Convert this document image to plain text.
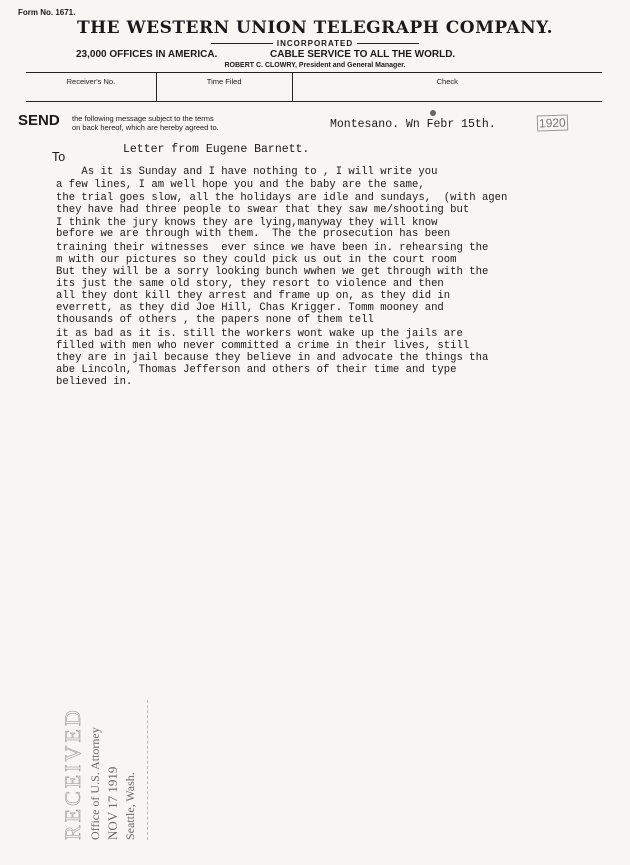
Form No. 1671.
THE WESTERN UNION TELEGRAPH COMPANY.
INCORPORATED
23,000 OFFICES IN AMERICA.	CABLE SERVICE TO ALL THE WORLD.
ROBERT C. CLOWRY, President and General Manager.
Receiver's No.	Time Filed	Check
SEND the following message subject to the terms
on back hereof, which are hereby agreed to.	Montesano. Wn Febr 15th.	1920
To
Letter from Eugene Barnett.
As it is Sunday and I have nothing to , I will write you
a few lines, I am well hope you and the baby are the same,
the trial goes slow, all the holidays are idle and sundays,  (with agen
they have had three people to swear that they saw me/shooting but
I think the jury knows they are lying,manyway they will know
before we are through with them.  The the prosecution has been
training their witnesses  ever since we have been in. rehearsing the
m with our pictures so they could pick us out in the court room
But they will be a sorry looking bunch wwhen we get through with the
its just the same old story, they resort to violence and then
all they dont kill they arrest and frame up on, as they did in
everrett, as they did Joe Hill, Chas Krigger. Tomm mooney and
thousands of others , the papers none of them tell
it as bad as it is. still the workers wont wake up the jails are
filled with men who never committed a crime in their lives, still
they are in jail because they believe in and advocate the things tha
abe Lincoln, Thomas Jefferson and others of their time and type
believed in.
RECEIVED Office of U.S. Attorney NOV 17 1919 Seattle, Wash.
